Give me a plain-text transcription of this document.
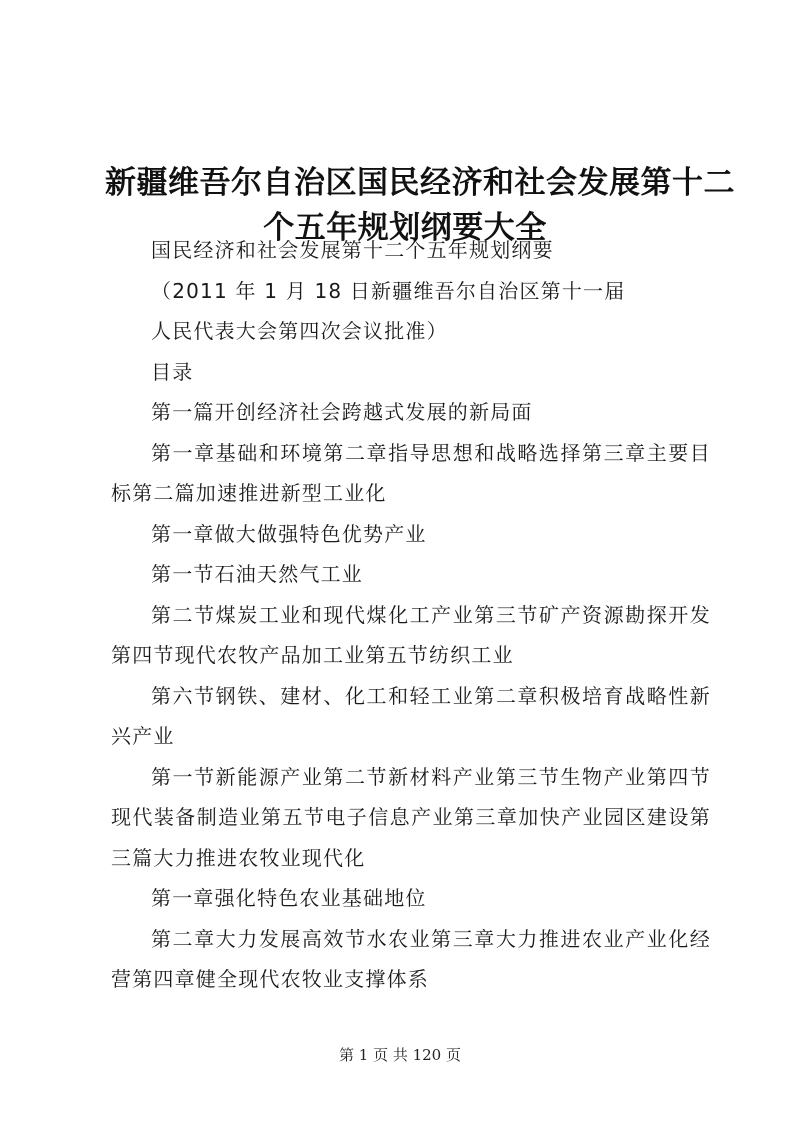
新疆维吾尔自治区国民经济和社会发展第十二
个五年规划纲要大全

国民经济和社会发展第十二个五年规划纲要

（2011 年 1 月 18 日新疆维吾尔自治区第十一届

人民代表大会第四次会议批准）

目录

第一篇开创经济社会跨越式发展的新局面

第一章基础和环境第二章指导思想和战略选择第三章主要目标第二篇加速推进新型工业化

第一章做大做强特色优势产业

第一节石油天然气工业

第二节煤炭工业和现代煤化工产业第三节矿产资源勘探开发第四节现代农牧产品加工业第五节纺织工业

第六节钢铁、建材、化工和轻工业第二章积极培育战略性新兴产业

第一节新能源产业第二节新材料产业第三节生物产业第四节现代装备制造业第五节电子信息产业第三章加快产业园区建设第三篇大力推进农牧业现代化

第一章强化特色农业基础地位

第二章大力发展高效节水农业第三章大力推进农业产业化经营第四章健全现代农牧业支撑体系

第 1 页 共 120 页
